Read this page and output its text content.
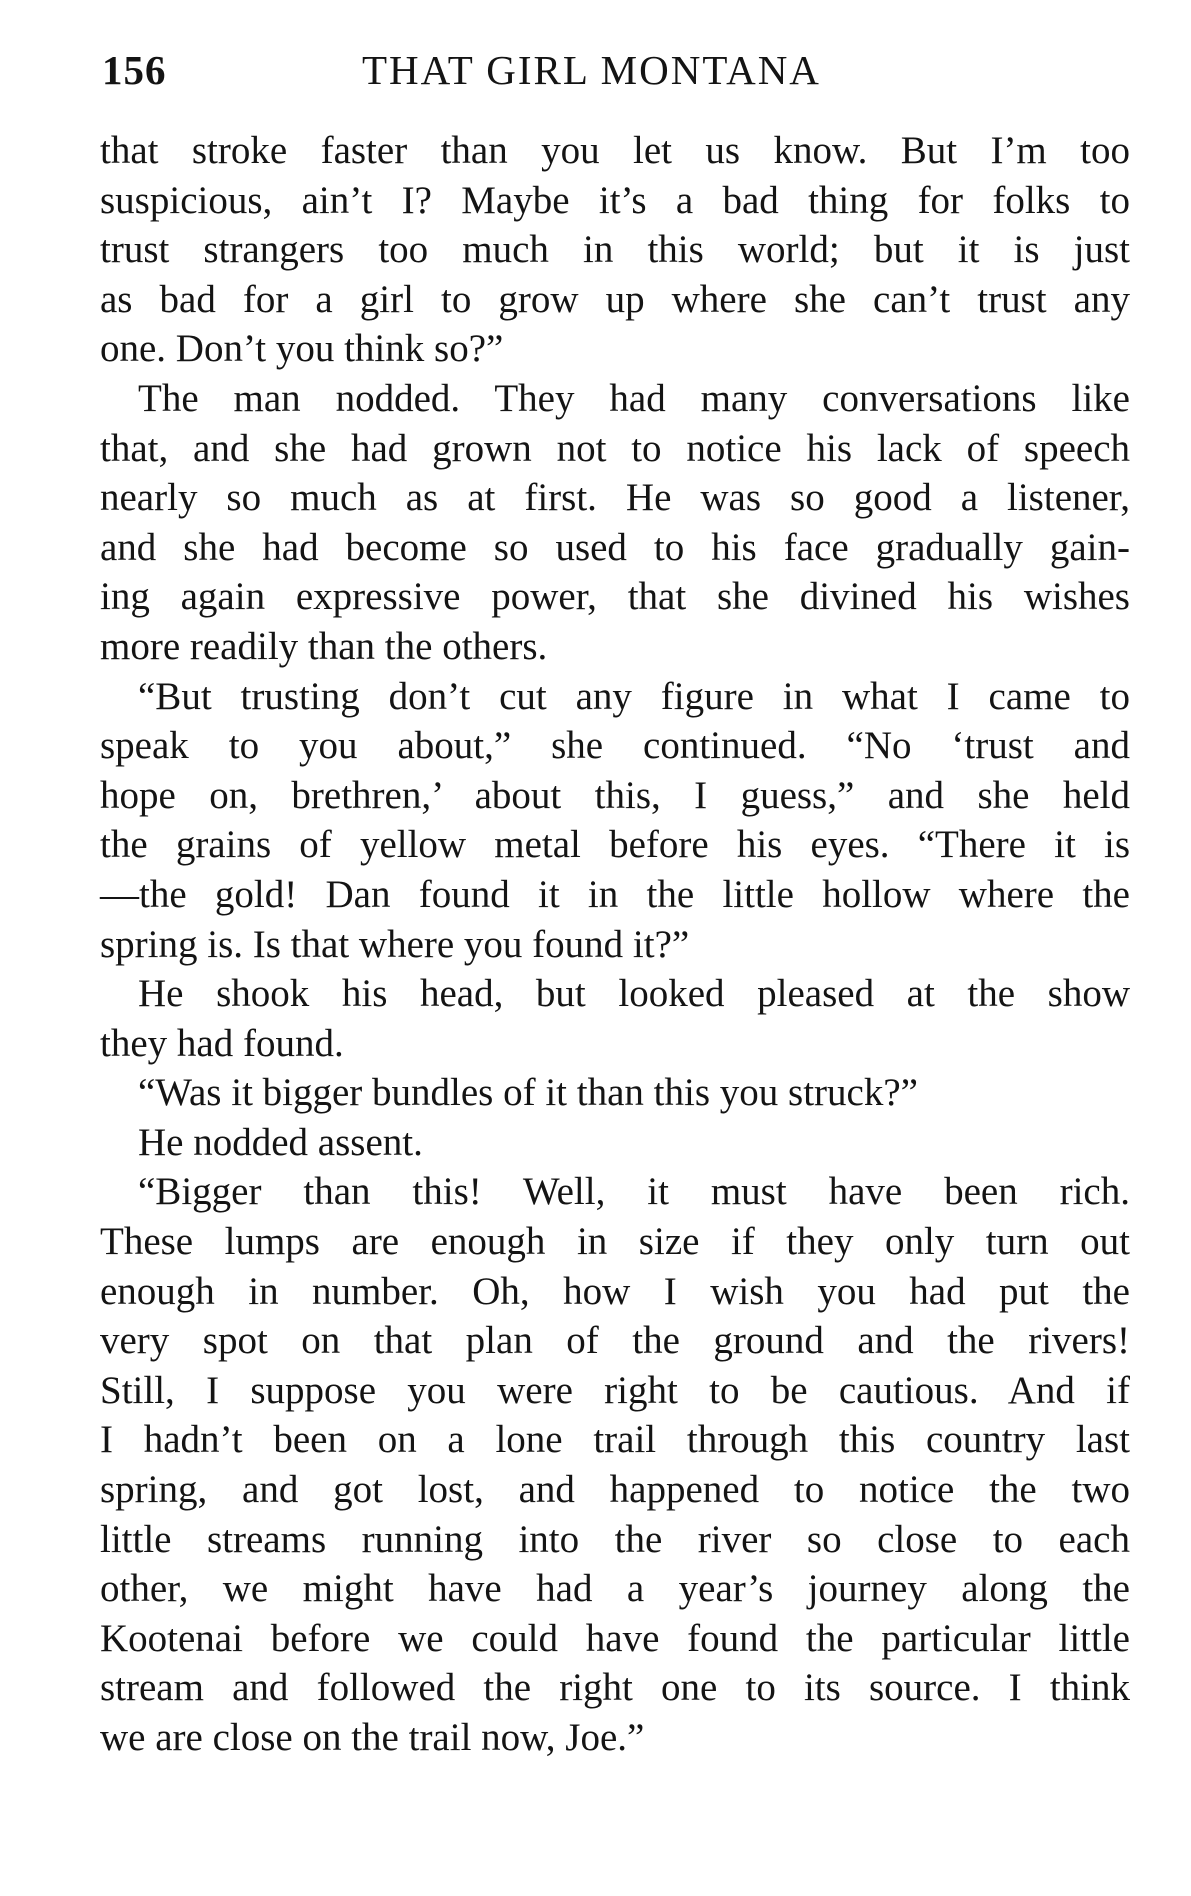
156	THAT GIRL MONTANA
that stroke faster than you let us know. But I’m too
suspicious, ain’t I? Maybe it’s a bad thing for folks to
trust strangers too much in this world; but it is just
as bad for a girl to grow up where she can’t trust any
one. Don’t you think so?”
The man nodded. They had many conversations like
that, and she had grown not to notice his lack of speech
nearly so much as at first. He was so good a listener,
and she had become so used to his face gradually gain-
ing again expressive power, that she divined his wishes
more readily than the others.
“But trusting don’t cut any figure in what I came to
speak to you about,” she continued. “No ‘trust and
hope on, brethren,’ about this, I guess,” and she held
the grains of yellow metal before his eyes. “There it is
—the gold! Dan found it in the little hollow where the
spring is. Is that where you found it?”
He shook his head, but looked pleased at the show
they had found.
“Was it bigger bundles of it than this you struck?”
He nodded assent.
“Bigger than this! Well, it must have been rich.
These lumps are enough in size if they only turn out
enough in number. Oh, how I wish you had put the
very spot on that plan of the ground and the rivers!
Still, I suppose you were right to be cautious. And if
I hadn’t been on a lone trail through this country last
spring, and got lost, and happened to notice the two
little streams running into the river so close to each
other, we might have had a year’s journey along the
Kootenai before we could have found the particular little
stream and followed the right one to its source. I think
we are close on the trail now, Joe.”
